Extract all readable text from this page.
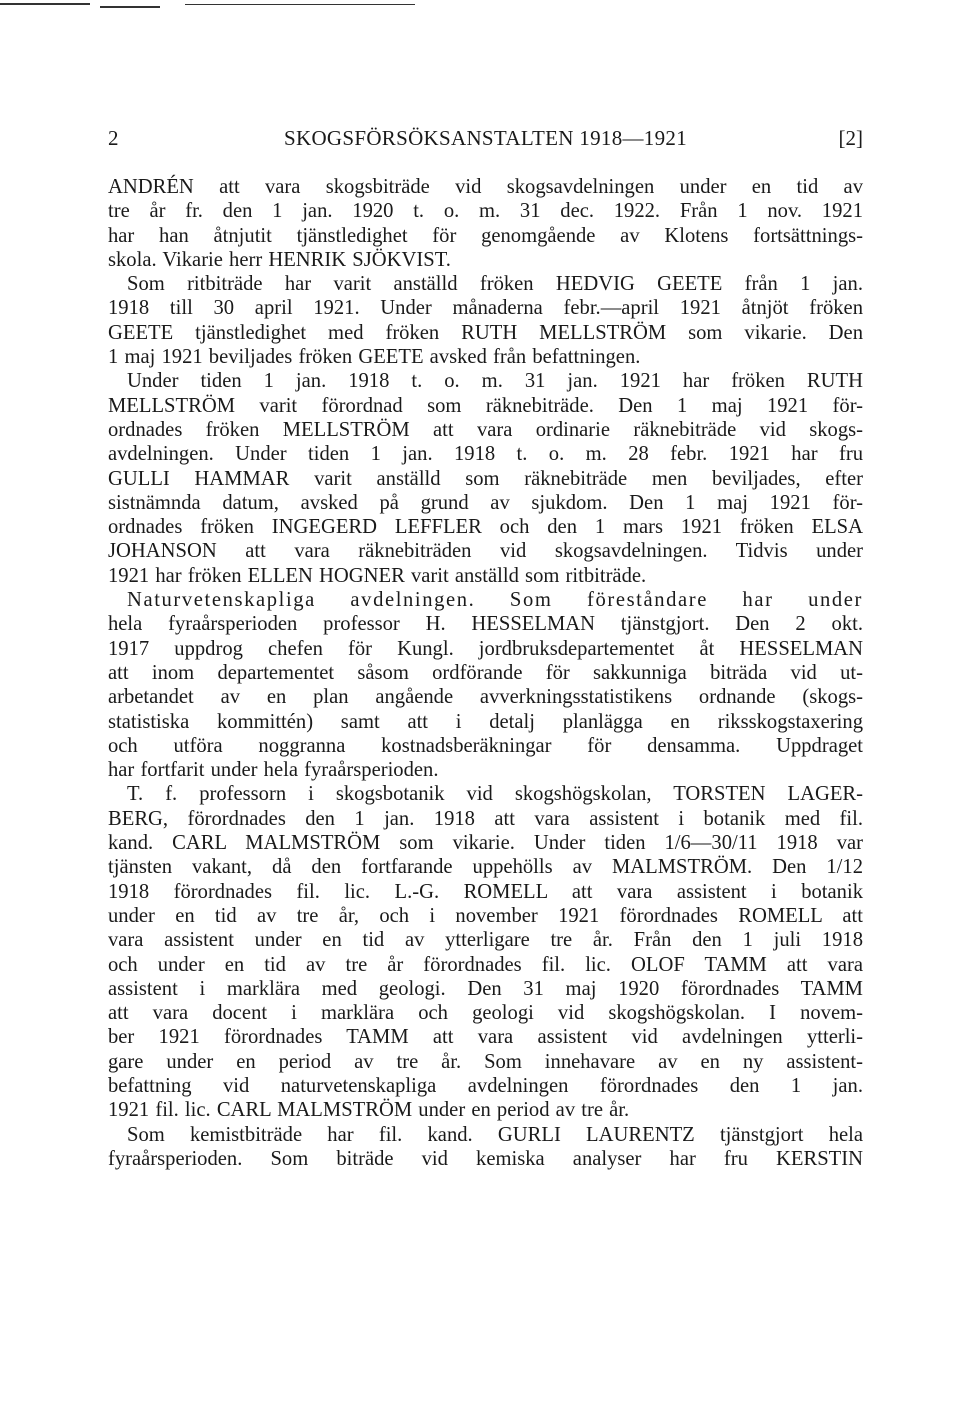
2	SKOGSFÖRSÖKSANSTALTEN 1918—1921	[2]
ANDRÉN att vara skogsbiträde vid skogsavdelningen under en tid av
tre år fr. den 1 jan. 1920 t. o. m. 31 dec. 1922. Från 1 nov. 1921
har han åtnjutit tjänstledighet för genomgående av Klotens fortsättnings-
skola. Vikarie herr HENRIK SJÖKVIST.
Som ritbiträde har varit anställd fröken HEDVIG GEETE från 1 jan.
1918 till 30 april 1921. Under månaderna febr.—april 1921 åtnjöt fröken
GEETE tjänstledighet med fröken RUTH MELLSTRÖM som vikarie. Den
1 maj 1921 beviljades fröken GEETE avsked från befattningen.
Under tiden 1 jan. 1918 t. o. m. 31 jan. 1921 har fröken RUTH
MELLSTRÖM varit förordnad som räknebiträde. Den 1 maj 1921 för-
ordnades fröken MELLSTRÖM att vara ordinarie räknebiträde vid skogs-
avdelningen. Under tiden 1 jan. 1918 t. o. m. 28 febr. 1921 har fru
GULLI HAMMAR varit anställd som räknebiträde men beviljades, efter
sistnämnda datum, avsked på grund av sjukdom. Den 1 maj 1921 för-
ordnades fröken INGEGERD LEFFLER och den 1 mars 1921 fröken ELSA
JOHANSON att vara räknebiträden vid skogsavdelningen. Tidvis under
1921 har fröken ELLEN HOGNER varit anställd som ritbiträde.
Naturvetenskapliga avdelningen. Som föreståndare har under
hela fyraårsperioden professor H. HESSELMAN tjänstgjort. Den 2 okt.
1917 uppdrog chefen för Kungl. jordbruksdepartementet åt HESSELMAN
att inom departementet såsom ordförande för sakkunniga biträda vid ut-
arbetandet av en plan angående avverkningsstatistikens ordnande (skogs-
statistiska kommittén) samt att i detalj planlägga en riksskogstaxering
och utföra noggranna kostnadsberäkningar för densamma. Uppdraget
har fortfarit under hela fyraårsperioden.
T. f. professorn i skogsbotanik vid skogshögskolan, TORSTEN LAGER-
BERG, förordnades den 1 jan. 1918 att vara assistent i botanik med fil.
kand. CARL MALMSTRÖM som vikarie. Under tiden 1/6—30/11 1918 var
tjänsten vakant, då den fortfarande uppehölls av MALMSTRÖM. Den 1/12
1918 förordnades fil. lic. L.-G. ROMELL att vara assistent i botanik
under en tid av tre år, och i november 1921 förordnades ROMELL att
vara assistent under en tid av ytterligare tre år. Från den 1 juli 1918
och under en tid av tre år förordnades fil. lic. OLOF TAMM att vara
assistent i marklära med geologi. Den 31 maj 1920 förordnades TAMM
att vara docent i marklära och geologi vid skogshögskolan. I novem-
ber 1921 förordnades TAMM att vara assistent vid avdelningen ytterli-
gare under en period av tre år. Som innehavare av en ny assistent-
befattning vid naturvetenskapliga avdelningen förordnades den 1 jan.
1921 fil. lic. CARL MALMSTRÖM under en period av tre år.
Som kemistbiträde har fil. kand. GURLI LAURENTZ tjänstgjort hela
fyraårsperioden. Som biträde vid kemiska analyser har fru KERSTIN
